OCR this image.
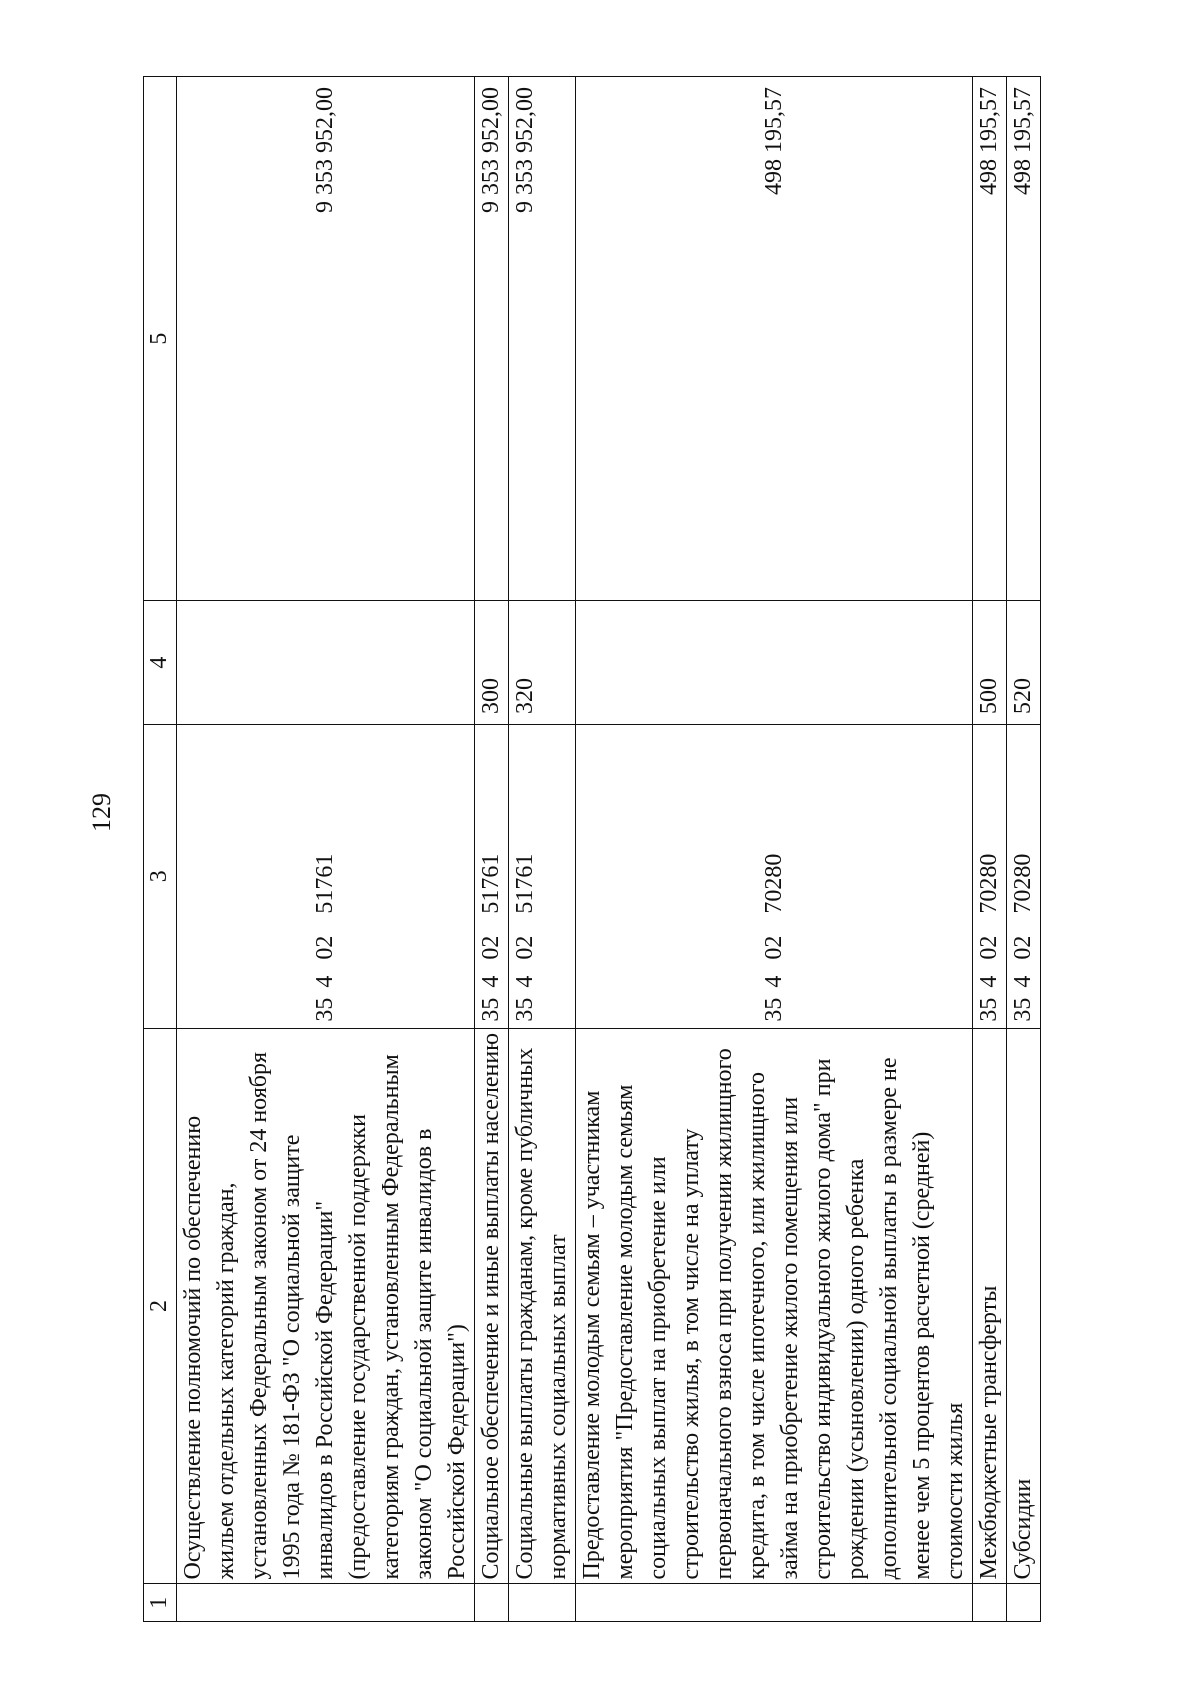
129
1	2	3	4	5
	Осуществление полномочий по обеспечению жильем отдельных категорий граждан, установленных Федеральным законом от 24 ноября 1995 года № 181-ФЗ "О социальной защите инвалидов в Российской Федерации" (предоставление государственной поддержки категориям граждан, установленным Федеральным законом "О социальной защите инвалидов в Российской Федерации")	3540251761		9 353 952,00
	Социальное обеспечение и иные выплаты населению	3540251761	300	9 353 952,00
	Социальные выплаты гражданам, кроме публичных нормативных социальных выплат	3540251761	320	9 353 952,00
	Предоставление молодым семьям – участникам мероприятия "Предоставление молодым семьям социальных выплат на приобретение или строительство жилья, в том числе на уплату первоначального взноса при получении жилищного кредита, в том числе ипотечного, или жилищного займа на приобретение жилого помещения или строительство индивидуального жилого дома" при рождении (усыновлении) одного ребенка дополнительной социальной выплаты в размере не менее чем 5 процентов расчетной (средней) стоимости жилья	3540270280		498 195,57
	Межбюджетные трансферты	3540270280	500	498 195,57
	Субсидии	3540270280	520	498 195,57
